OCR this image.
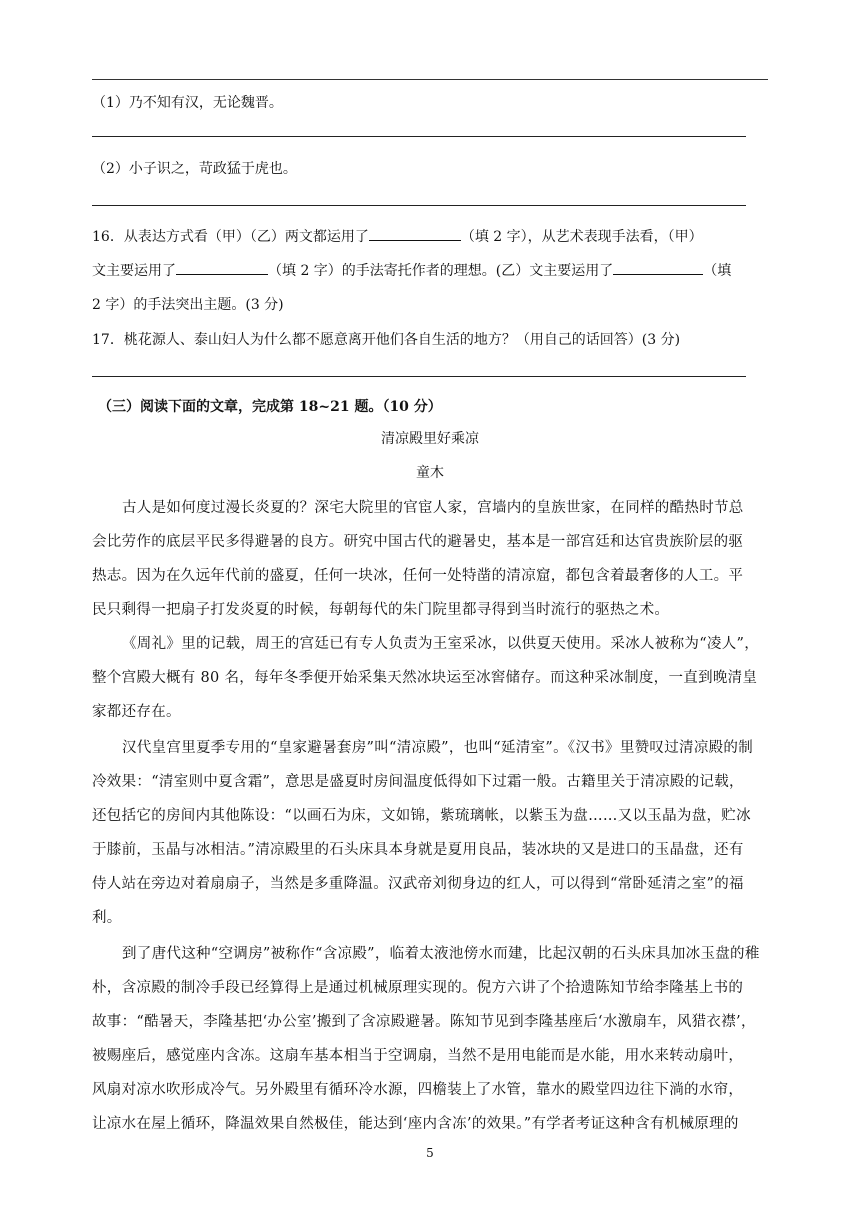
（1）乃不知有汉，无论魏晋。
（2）小子识之，苛政猛于虎也。
16．从表达方式看（甲）（乙）两文都运用了	（填 2 字），从艺术表现手法看，（甲）
文主要运用了	（填 2 字）的手法寄托作者的理想。(乙）文主要运用了	（填
2 字）的手法突出主题。(3 分)
17．桃花源人、泰山妇人为什么都不愿意离开他们各自生活的地方？（用自己的话回答）(3 分)
（三）阅读下面的文章，完成第 18~21 题。（10 分）
清凉殿里好乘凉
童木
古人是如何度过漫长炎夏的？深宅大院里的官宦人家，宫墙内的皇族世家，在同样的酷热时节总
会比劳作的底层平民多得避暑的良方。研究中国古代的避暑史，基本是一部宫廷和达官贵族阶层的驱
热志。因为在久远年代前的盛夏，任何一块冰，任何一处特凿的清凉窟，都包含着最奢侈的人工。平
民只剩得一把扇子打发炎夏的时候，每朝每代的朱门院里都寻得到当时流行的驱热之术。
《周礼》里的记载，周王的宫廷已有专人负责为王室采冰，以供夏天使用。采冰人被称为“凌人”，
整个宫殿大概有 80 名，每年冬季便开始采集天然冰块运至冰窖储存。而这种采冰制度，一直到晚清皇
家都还存在。
汉代皇宫里夏季专用的“皇家避暑套房”叫“清凉殿”，也叫“延清室”。《汉书》里赞叹过清凉殿的制
冷效果：“清室则中夏含霜”，意思是盛夏时房间温度低得如下过霜一般。古籍里关于清凉殿的记载，
还包括它的房间内其他陈设：“以画石为床，文如锦，紫琉璃帐，以紫玉为盘……又以玉晶为盘，贮冰
于膝前，玉晶与冰相洁。”清凉殿里的石头床具本身就是夏用良品，装冰块的又是进口的玉晶盘，还有
侍人站在旁边对着扇扇子，当然是多重降温。汉武帝刘彻身边的红人，可以得到“常卧延清之室”的福
利。
到了唐代这种“空调房”被称作“含凉殿”，临着太液池傍水而建，比起汉朝的石头床具加冰玉盘的稚
朴，含凉殿的制冷手段已经算得上是通过机械原理实现的。倪方六讲了个拾遗陈知节给李隆基上书的
故事：“酷暑天，李隆基把‘办公室’搬到了含凉殿避暑。陈知节见到李隆基座后‘水激扇车，风猎衣襟’，
被赐座后，感觉座内含冻。这扇车基本相当于空调扇，当然不是用电能而是水能，用水来转动扇叶，
风扇对凉水吹形成冷气。另外殿里有循环冷水源，四檐装上了水管，靠水的殿堂四边往下淌的水帘，
让凉水在屋上循环，降温效果自然极佳，能达到‘座内含冻’的效果。”有学者考证这种含有机械原理的
5
